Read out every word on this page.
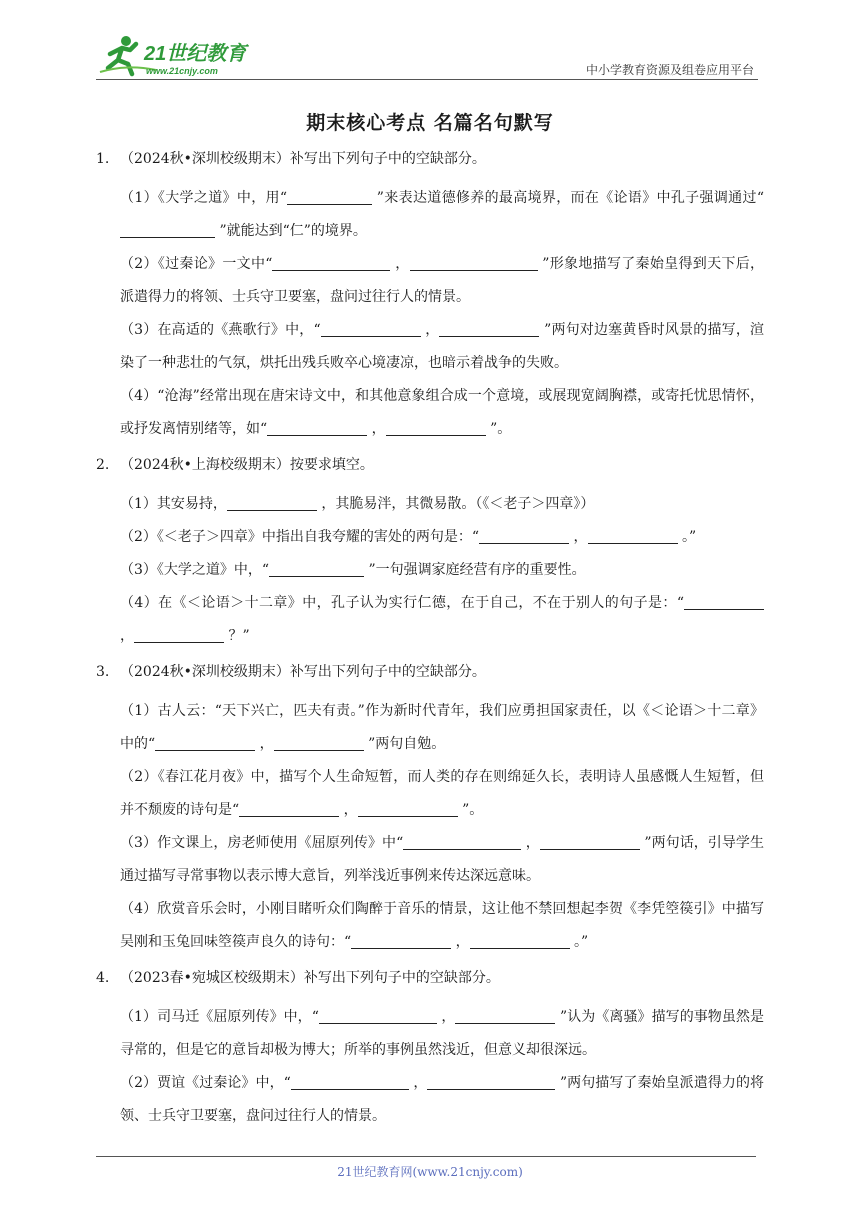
21世纪教育
www.21cnjy.com	中小学教育资源及组卷应用平台
期末核心考点 名篇名句默写
1. （2024秋•深圳校级期末）补写出下列句子中的空缺部分。
（1）《大学之道》中，用“	”来表达道德修养的最高境界，而在《论语》中孔子强调通过“ ”就能达到“仁”的境界。
（2）《过秦论》一文中“	，	”形象地描写了秦始皇得到天下后，派遣得力的将领、士兵守卫要塞，盘问过往行人的情景。
（3）在高适的《燕歌行》中，“	，	”两句对边塞黄昏时风景的描写，渲染了一种悲壮的气氛，烘托出残兵败卒心境凄凉，也暗示着战争的失败。
（4）“沧海”经常出现在唐宋诗文中，和其他意象组合成一个意境，或展现宽阔胸襟，或寄托忧思情怀，或抒发离情别绪等，如“	，	”。
2. （2024秋•上海校级期末）按要求填空。
（1）其安易持，	，其脆易泮，其微易散。（《＜老子＞四章》）
（2）《＜老子＞四章》中指出自我夸耀的害处的两句是：“	，	。”
（3）《大学之道》中，“	”一句强调家庭经营有序的重要性。
（4）在《＜论语＞十二章》中，孔子认为实行仁德，在于自己，不在于别人的句子是：“ ，	？”
3. （2024秋•深圳校级期末）补写出下列句子中的空缺部分。
（1）古人云：“天下兴亡，匹夫有责。”作为新时代青年，我们应勇担国家责任，以《＜论语＞十二章》中的“	，	”两句自勉。
（2）《春江花月夜》中，描写个人生命短暂，而人类的存在则绵延久长，表明诗人虽感慨人生短暂，但并不颓废的诗句是“	，	”。
（3）作文课上，房老师使用《屈原列传》中“	，	”两句话，引导学生通过描写寻常事物以表示博大意旨，列举浅近事例来传达深远意味。
（4）欣赏音乐会时，小刚目睹听众们陶醉于音乐的情景，这让他不禁回想起李贺《李凭箜篌引》中描写吴刚和玉兔回味箜篌声良久的诗句：“	，	。”
4. （2023春•宛城区校级期末）补写出下列句子中的空缺部分。
（1）司马迁《屈原列传》中，“	，	”认为《离骚》描写的事物虽然是寻常的，但是它的意旨却极为博大；所举的事例虽然浅近，但意义却很深远。
（2）贾谊《过秦论》中，“	，	”两句描写了秦始皇派遣得力的将领、士兵守卫要塞，盘问过往行人的情景。
21世纪教育网(www.21cnjy.com)
